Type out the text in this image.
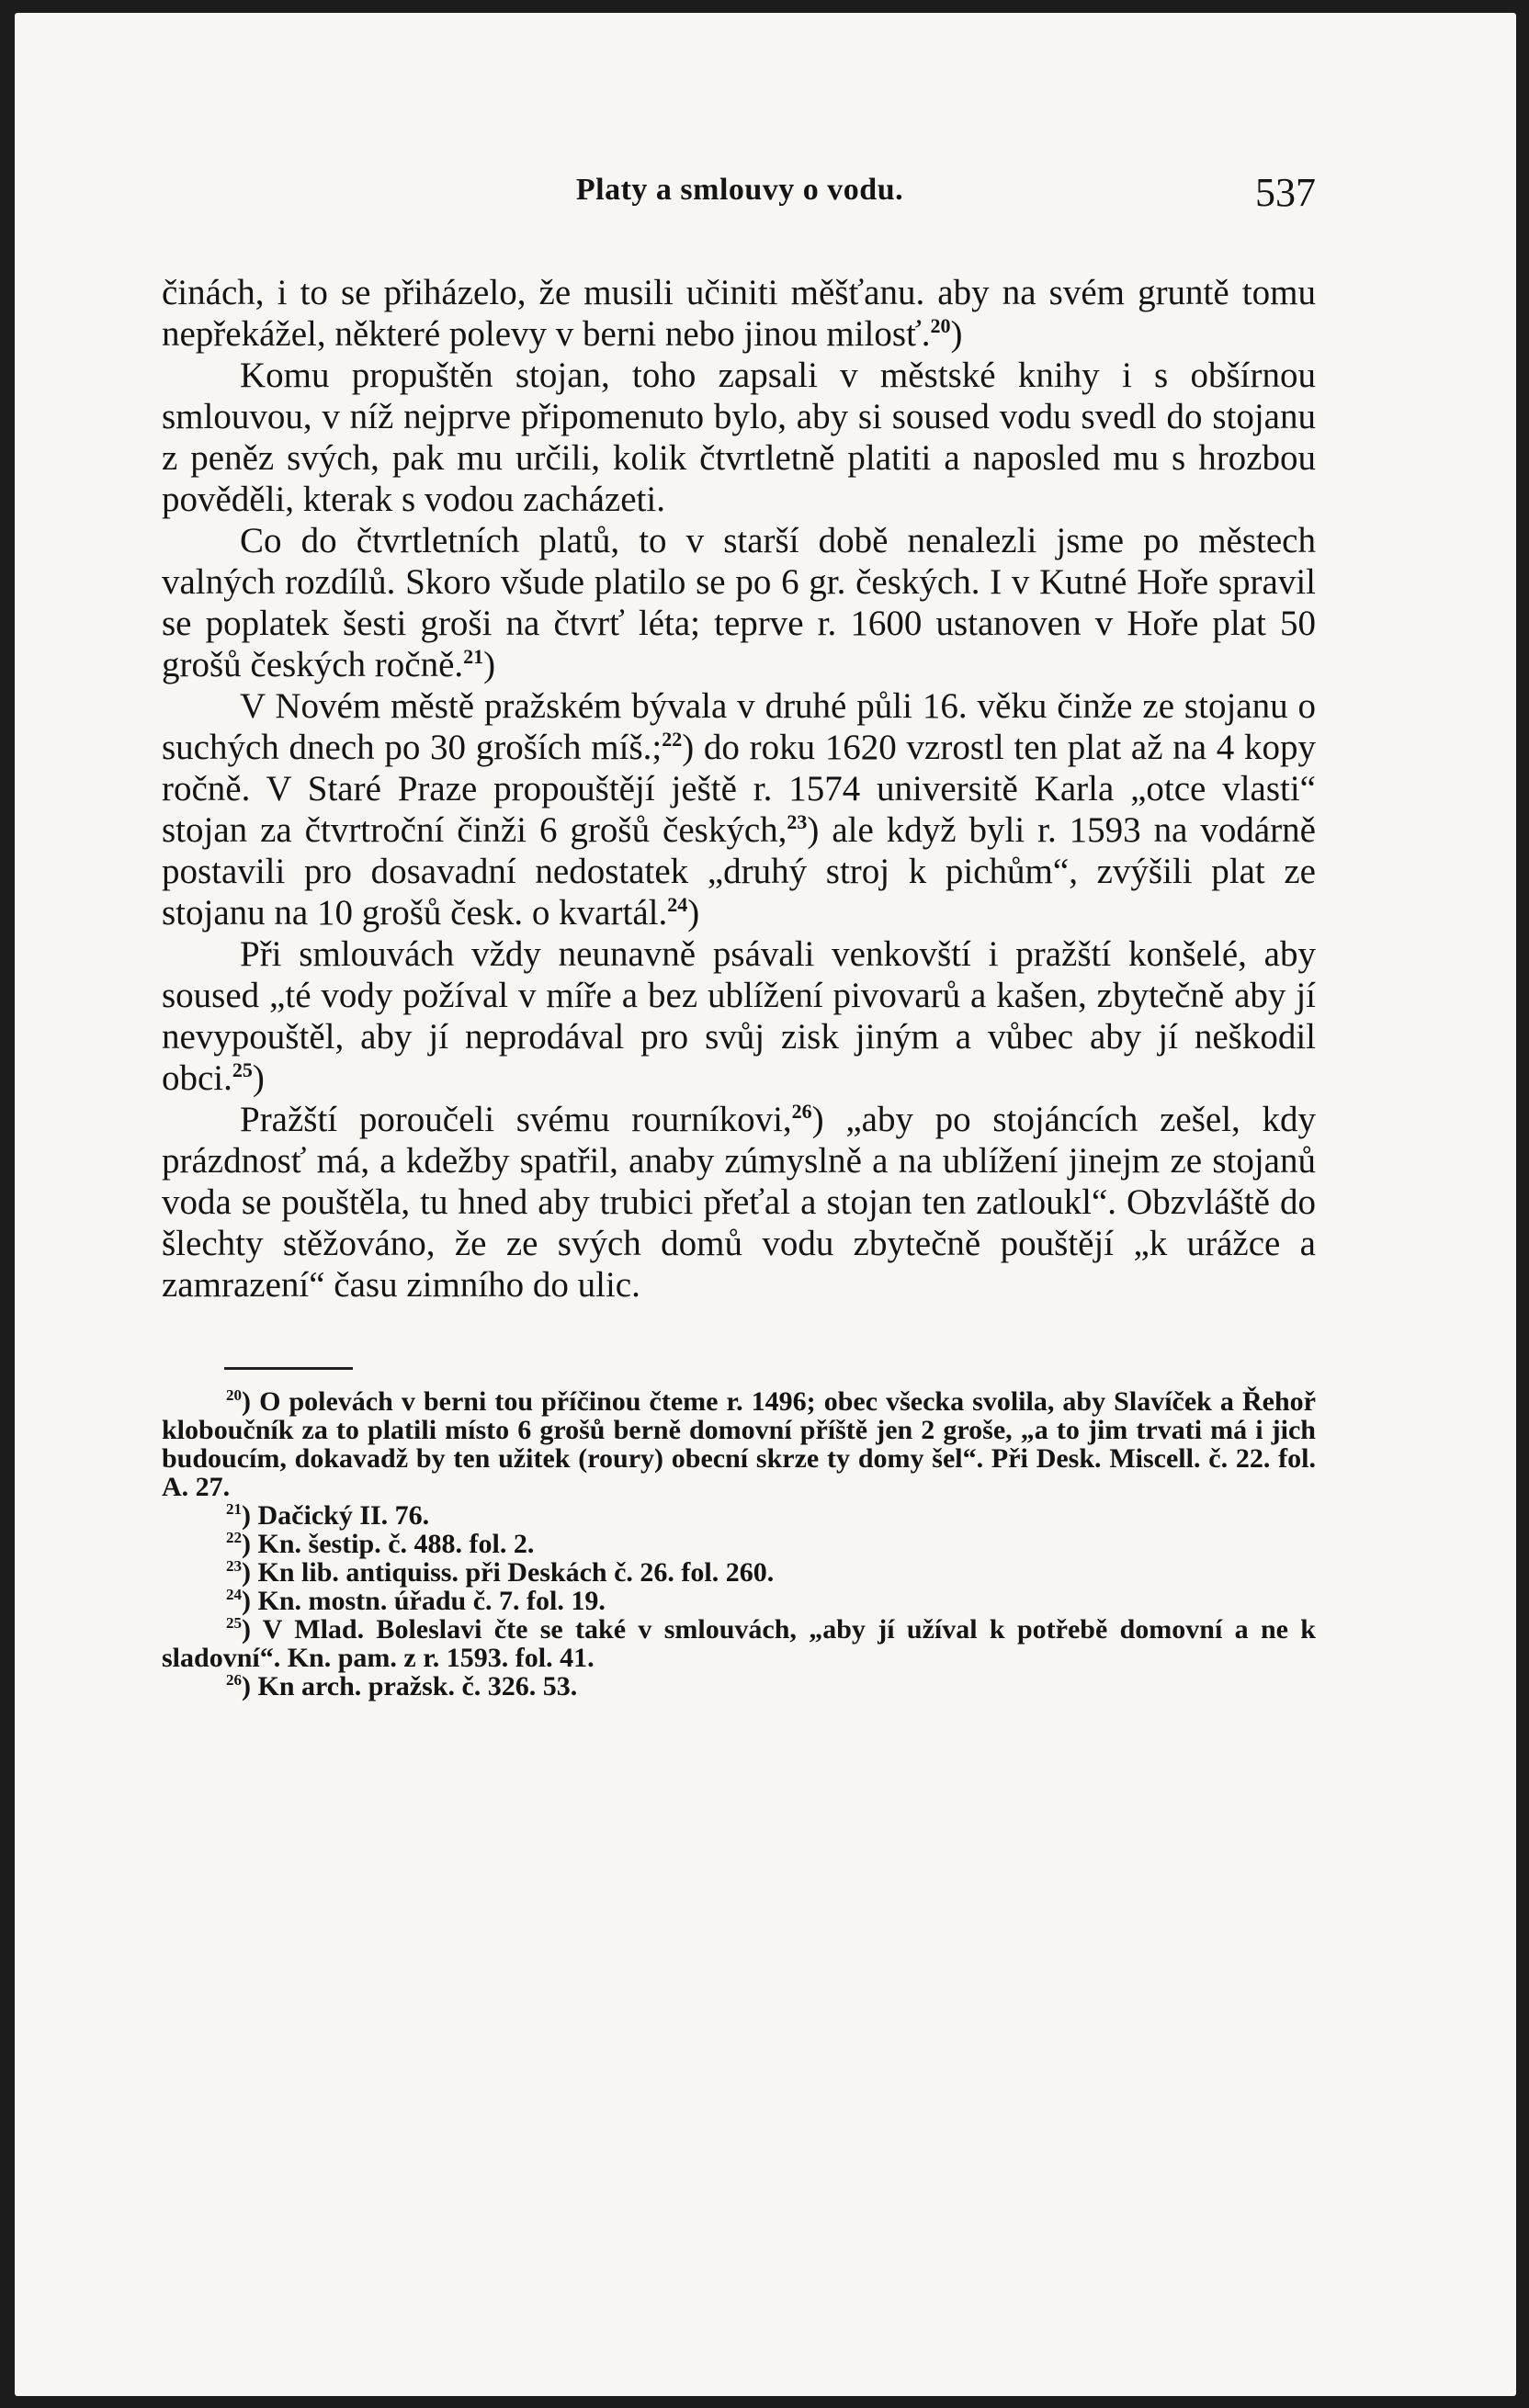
Platy a smlouvy o vodu.	537

činách, i to se přiházelo, že musili učiniti měšťanu. aby na svém gruntě tomu nepřekážel, některé polevy v berni nebo jinou milosť.$^{20}$)

Komu propuštěn stojan, toho zapsali v městské knihy i s obšírnou smlouvou, v níž nejprve připomenuto bylo, aby si soused vodu svedl do stojanu z peněz svých, pak mu určili, kolik čtvrtletně platiti a naposled mu s hrozbou pověděli, kterak s vodou zacházeti.

Co do čtvrtletních platů, to v starší době nenalezli jsme po městech valných rozdílů. Skoro všude platilo se po 6 gr. českých. I v Kutné Hoře spravil se poplatek šesti groši na čtvrť léta; teprve r. 1600 ustanoven v Hoře plat 50 grošů českých ročně.$^{21}$)

V Novém městě pražském bývala v druhé půli 16. věku činže ze stojanu o suchých dnech po 30 groších míš.;$^{22}$) do roku 1620 vzrostl ten plat až na 4 kopy ročně. V Staré Praze propouštějí ještě r. 1574 universitě Karla „otce vlasti“ stojan za čtvrtroční činži 6 grošů českých,$^{23}$) ale když byli r. 1593 na vodárně postavili pro dosavadní nedostatek „druhý stroj k pichům“, zvýšili plat ze stojanu na 10 grošů česk. o kvartál.$^{24}$)

Při smlouvách vždy neunavně psávali venkovští i pražští konšelé, aby soused „té vody požíval v míře a bez ublížení pivovarů a kašen, zbytečně aby jí nevypouštěl, aby jí neprodával pro svůj zisk jiným a vůbec aby jí neškodil obci.$^{25}$)

Pražští poroučeli svému rourníkovi,$^{26}$) „aby po stojáncích zešel, kdy prázdnosť má, a kdežby spatřil, anaby zúmyslně a na ublížení jinejm ze stojanů voda se pouštěla, tu hned aby trubici přeťal a stojan ten zatloukl“. Obzvláště do šlechty stěžováno, že ze svých domů vodu zbytečně pouštějí „k urážce a zamrazení“ času zimního do ulic.

$^{20}$) O polevách v berni tou příčinou čteme r. 1496; obec všecka svolila, aby Slavíček a Řehoř kloboučník za to platili místo 6 grošů berně domovní příště jen 2 groše, „a to jim trvati má i jich budoucím, dokavadž by ten užitek (roury) obecní skrze ty domy šel“. Při Desk. Miscell. č. 22. fol. A. 27.

$^{21}$) Dačický II. 76.

$^{22}$) Kn. šestip. č. 488. fol. 2.

$^{23}$) Kn lib. antiquiss. při Deskách č. 26. fol. 260.

$^{24}$) Kn. mostn. úřadu č. 7. fol. 19.

$^{25}$) V Mlad. Boleslavi čte se také v smlouvách, „aby jí užíval k potřebě domovní a ne k sladovní“. Kn. pam. z r. 1593. fol. 41.

$^{26}$) Kn arch. pražsk. č. 326. 53.
